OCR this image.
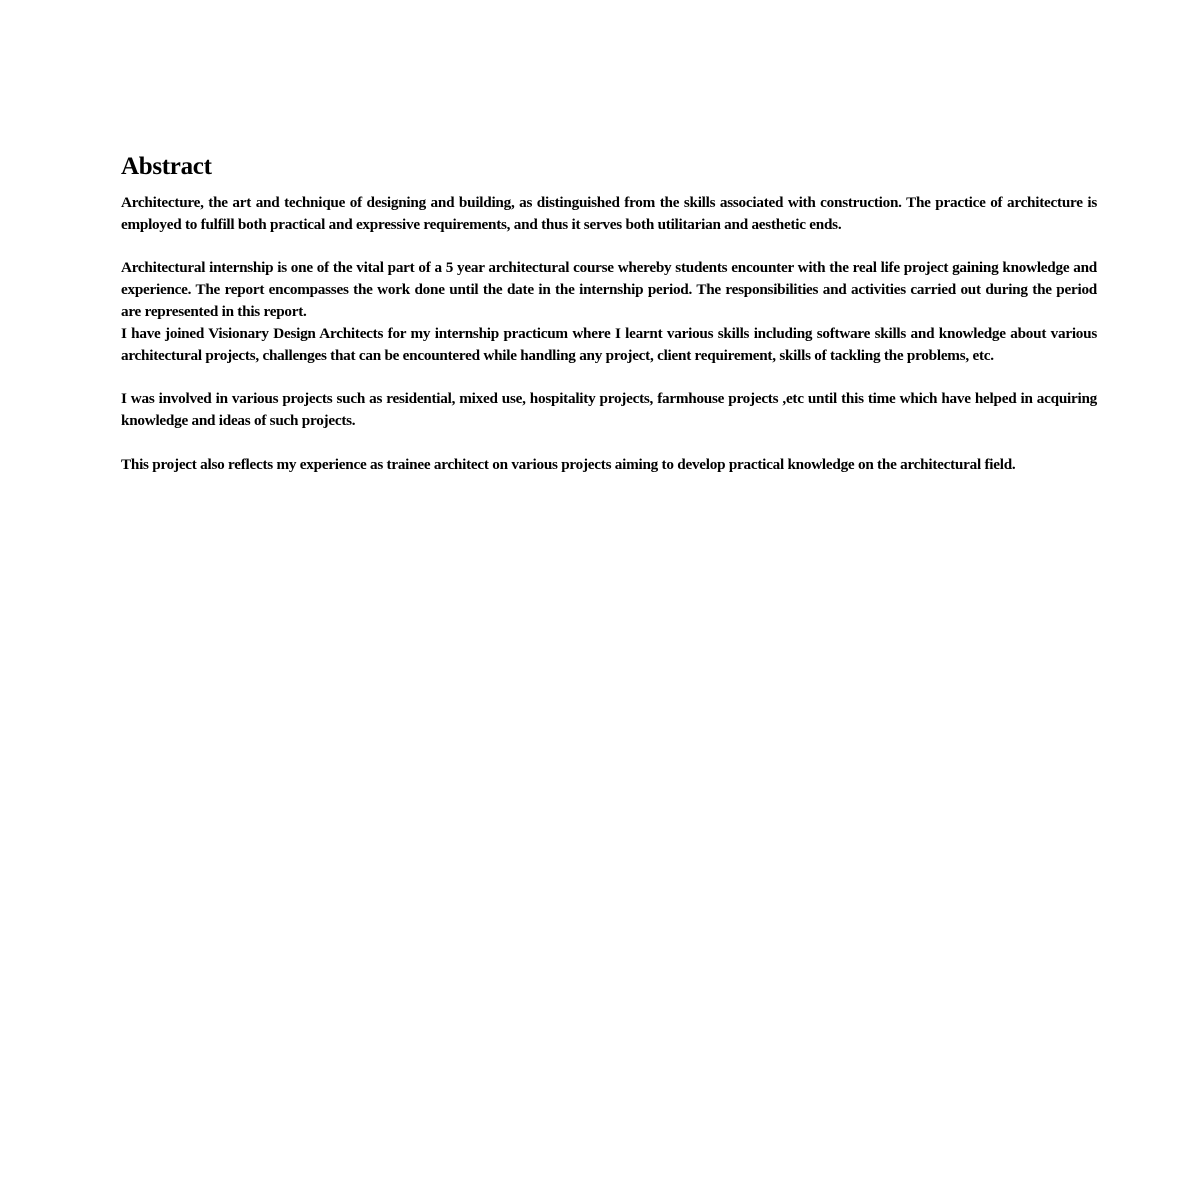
Abstract

Architecture, the art and technique of designing and building, as distinguished from the skills associated with construction. The practice of architecture is employed to fulfill both practical and expressive requirements, and thus it serves both utilitarian and aesthetic ends.

Architectural internship is one of the vital part of a 5 year architectural course whereby students encounter with the real life project gaining knowledge and experience. The report encompasses the work done until the date in the internship period. The responsibilities and activities carried out during the period are represented in this report.

I have joined Visionary Design Architects for my internship practicum where I learnt various skills including software skills and knowledge about various architectural projects, challenges that can be encountered while handling any project, client requirement, skills of tackling the problems, etc.

I was involved in various projects such as residential, mixed use, hospitality projects, farmhouse projects ,etc until this time which have helped in acquiring knowledge and ideas of such projects.

This project also reflects my experience as trainee architect on various projects aiming to develop practical knowledge on the architectural field.
